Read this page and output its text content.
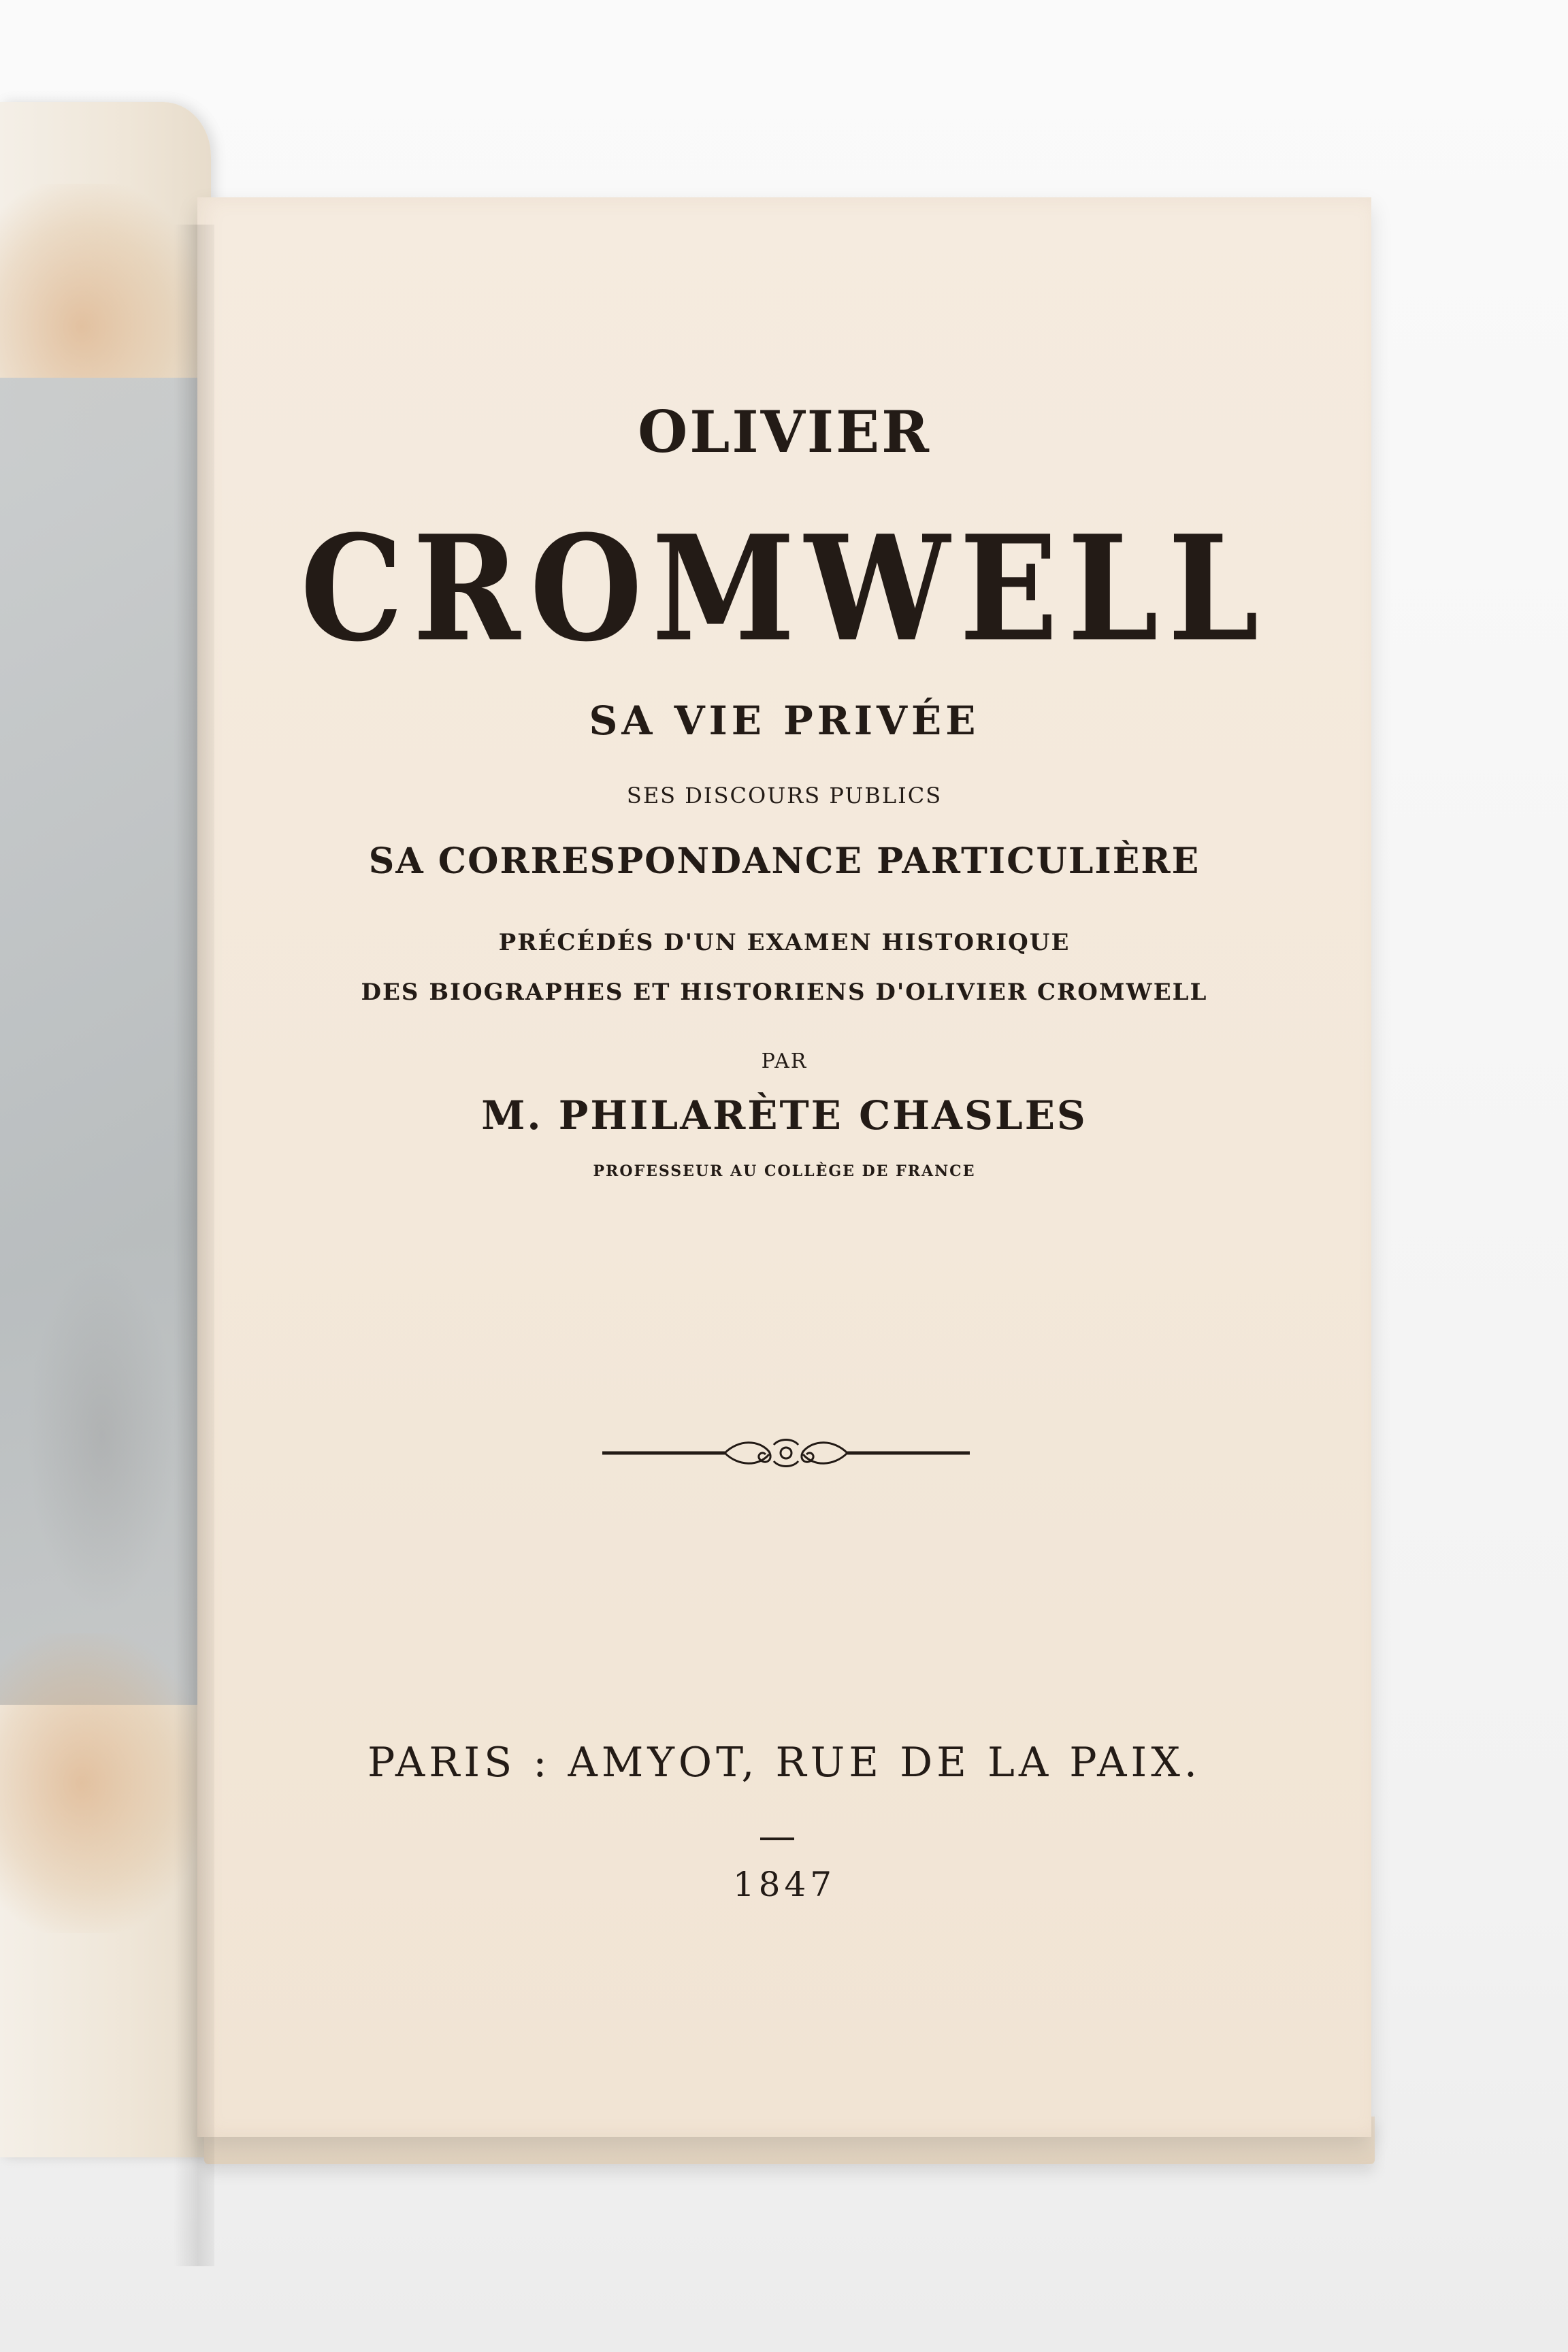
OLIVIER

CROMWELL

SA VIE PRIVÉE

SES DISCOURS PUBLICS

SA CORRESPONDANCE PARTICULIÈRE

PRÉCÉDÉS D'UN EXAMEN HISTORIQUE

DES BIOGRAPHES ET HISTORIENS D'OLIVIER CROMWELL

PAR

M. PHILARÈTE CHASLES

PROFESSEUR AU COLLÈGE DE FRANCE

PARIS : AMYOT, RUE DE LA PAIX.

1847
